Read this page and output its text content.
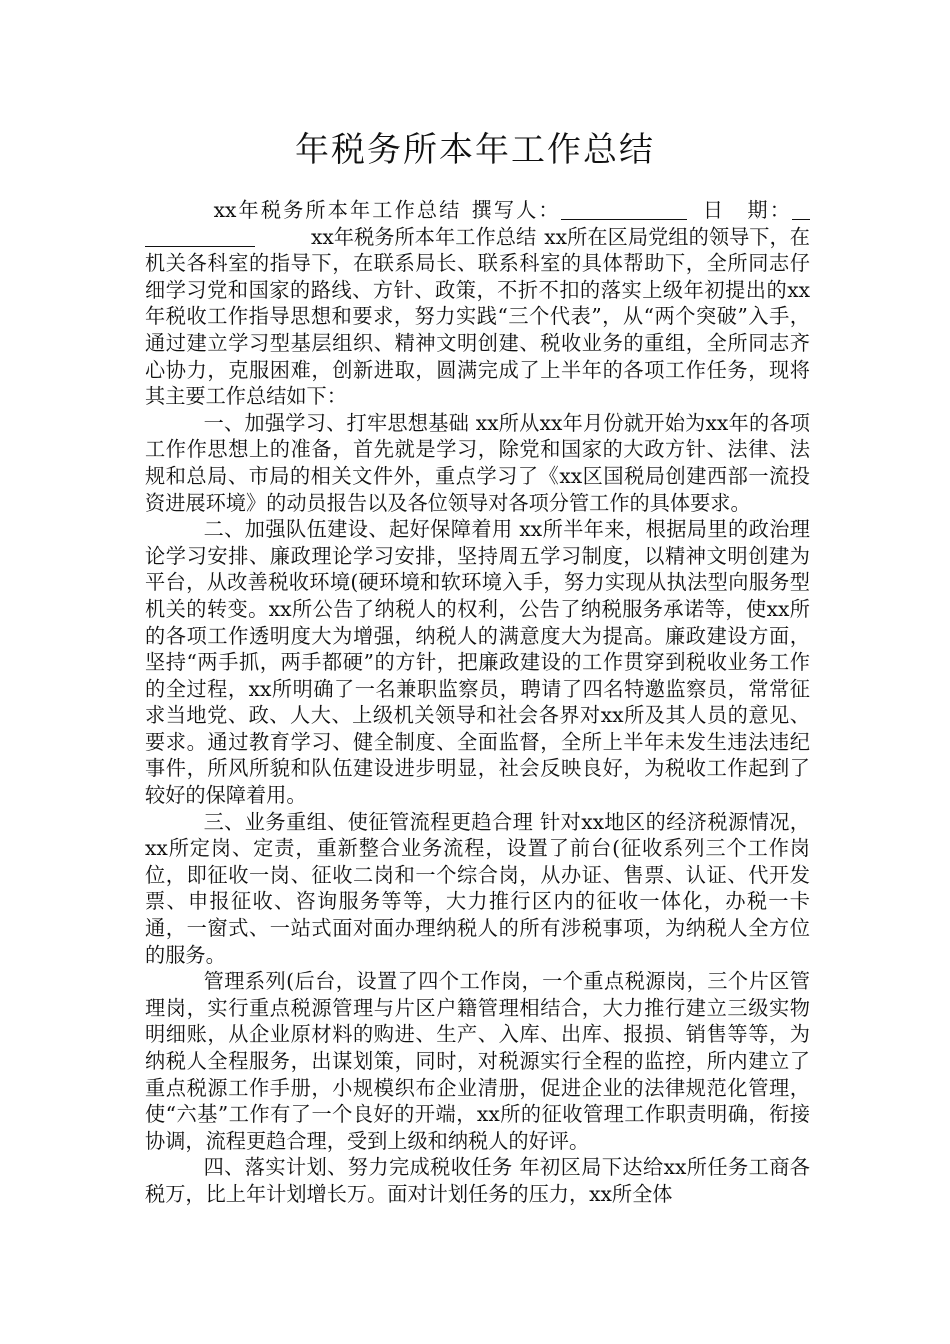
年税务所本年工作总结

xx年税务所本年工作总结 撰写人：	日　期： xx年税务所本年工作总结 xx所在区局党组的领导下，在机关各科室的指导下，在联系局长、联系科室的具体帮助下，全所同志仔细学习党和国家的路线、方针、政策，不折不扣的落实上级年初提出的xx年税收工作指导思想和要求，努力实践“三个代表”，从“两个突破”入手，通过建立学习型基层组织、精神文明创建、税收业务的重组，全所同志齐心协力，克服困难，创新进取，圆满完成了上半年的各项工作任务，现将其主要工作总结如下：

一、加强学习、打牢思想基础 xx所从xx年月份就开始为xx年的各项工作作思想上的准备，首先就是学习，除党和国家的大政方针、法律、法规和总局、市局的相关文件外，重点学习了《xx区国税局创建西部一流投资进展环境》的动员报告以及各位领导对各项分管工作的具体要求。

二、加强队伍建设、起好保障着用 xx所半年来，根据局里的政治理论学习安排、廉政理论学习安排，坚持周五学习制度，以精神文明创建为平台，从改善税收环境(硬环境和软环境入手，努力实现从执法型向服务型机关的转变。xx所公告了纳税人的权利，公告了纳税服务承诺等，使xx所的各项工作透明度大为增强，纳税人的满意度大为提高。廉政建设方面，坚持“两手抓，两手都硬”的方针，把廉政建设的工作贯穿到税收业务工作的全过程，xx所明确了一名兼职监察员，聘请了四名特邀监察员，常常征求当地党、政、人大、上级机关领导和社会各界对xx所及其人员的意见、要求。通过教育学习、健全制度、全面监督，全所上半年未发生违法违纪事件，所风所貌和队伍建设进步明显，社会反映良好，为税收工作起到了较好的保障着用。

三、业务重组、使征管流程更趋合理 针对xx地区的经济税源情况，xx所定岗、定责，重新整合业务流程，设置了前台(征收系列三个工作岗位，即征收一岗、征收二岗和一个综合岗，从办证、售票、认证、代开发票、申报征收、咨询服务等等，大力推行区内的征收一体化，办税一卡通，一窗式、一站式面对面办理纳税人的所有涉税事项，为纳税人全方位的服务。

管理系列(后台，设置了四个工作岗，一个重点税源岗，三个片区管理岗，实行重点税源管理与片区户籍管理相结合，大力推行建立三级实物明细账，从企业原材料的购进、生产、入库、出库、报损、销售等等，为纳税人全程服务，出谋划策，同时，对税源实行全程的监控，所内建立了重点税源工作手册，小规模织布企业清册，促进企业的法律规范化管理，使“六基”工作有了一个良好的开端，xx所的征收管理工作职责明确，衔接协调，流程更趋合理，受到上级和纳税人的好评。

四、落实计划、努力完成税收任务 年初区局下达给xx所任务工商各税万，比上年计划增长万。面对计划任务的压力，xx所全体
